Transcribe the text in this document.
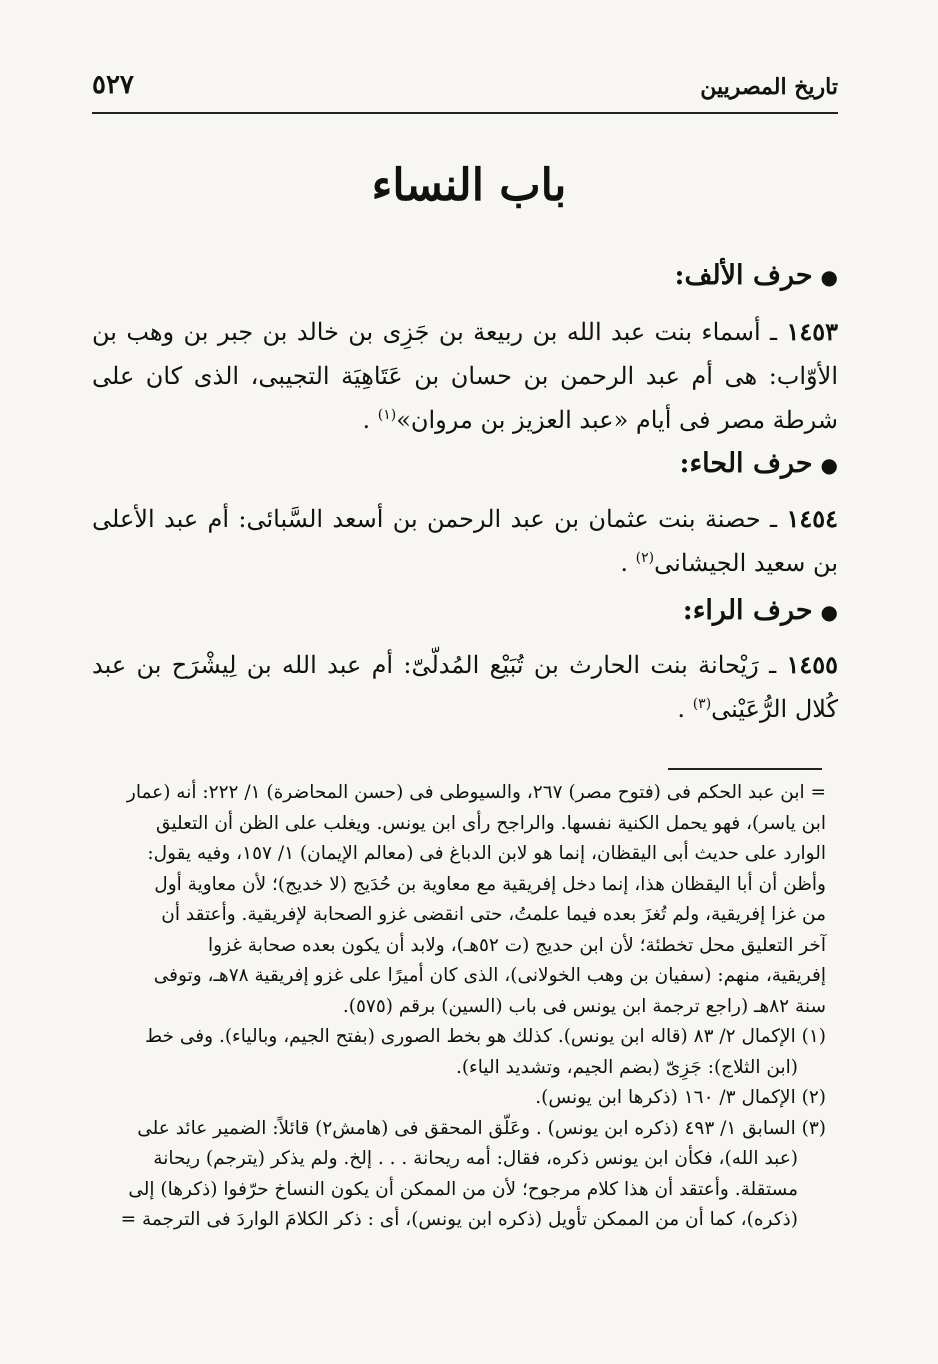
تاريخ المصريين
٥٢٧
باب النساء
●حرف الألف:
١٤٥٣ ـ أسماء بنت عبد الله بن ربيعة بن جَزِى بن خالد بن جبر بن وهب بن الأوّاب: هى أم عبد الرحمن بن حسان بن عَتَاهِيَة التجيبى، الذى كان على شرطة مصر فى أيام «عبد العزيز بن مروان»$^{(١)}$ .
●حرف الحاء:
١٤٥٤ ـ حصنة بنت عثمان بن عبد الرحمن بن أسعد السَّبائى: أم عبد الأعلى بن سعيد الجيشانى$^{(٢)}$ .
●حرف الراء:
١٤٥٥ ـ رَيْحانة بنت الحارث بن تُبَيْع المُدلّىّ: أم عبد الله بن لِيشْرَح بن عبد كُلال الرُّعَيْنى$^{(٣)}$ .

= ابن عبد الحكم فى (فتوح مصر) ٢٦٧، والسيوطى فى (حسن المحاضرة) ١/ ٢٢٢: أنه (عمار

ابن ياسر)، فهو يحمل الكنية نفسها. والراجح رأى ابن يونس. ويغلب على الظن أن التعليق

الوارد على حديث أبى اليقظان، إنما هو لابن الدباغ فى (معالم الإيمان) ١/ ١٥٧، وفيه يقول:

وأظن أن أبا اليقظان هذا، إنما دخل إفريقية مع معاوية بن حُدَيج (لا خديج)؛ لأن معاوية أول

من غزا إفريقية، ولم تُغزَ بعده فيما علمتُ، حتى انقضى غزو الصحابة لإفريقية. وأعتقد أن

آخر التعليق محل تخطئة؛ لأن ابن حديج (ت ٥٢هـ)، ولابد أن يكون بعده صحابة غزوا

إفريقية، منهم: (سفيان بن وهب الخولانى)، الذى كان أميرًا على غزو إفريقية ٧٨هـ، وتوفى

سنة ٨٢هـ (راجع ترجمة ابن يونس فى باب (السين) برقم (٥٧٥).

(١) الإكمال ٢/ ٨٣ (قاله ابن يونس). كذلك هو بخط الصورى (بفتح الجيم، وبالياء). وفى خط

(ابن الثلاج): جَزِىّ (بضم الجيم، وتشديد الياء).

(٢) الإكمال ٣/ ١٦٠ (ذكرها ابن يونس).

(٣) السابق ١/ ٤٩٣ (ذكره ابن يونس) . وعَلّق المحقق فى (هامش٢) قائلاً: الضمير عائد على

(عبد الله)، فكأن ابن يونس ذكره، فقال: أمه ريحانة . . . إلخ. ولم يذكر (يترجم) ريحانة

مستقلة. وأعتقد أن هذا كلام مرجوح؛ لأن من الممكن أن يكون النساخ حرّفوا (ذكرها) إلى

(ذكره)، كما أن من الممكن تأويل (ذكره ابن يونس)، أى : ذكر الكلامَ الواردَ فى الترجمة =
